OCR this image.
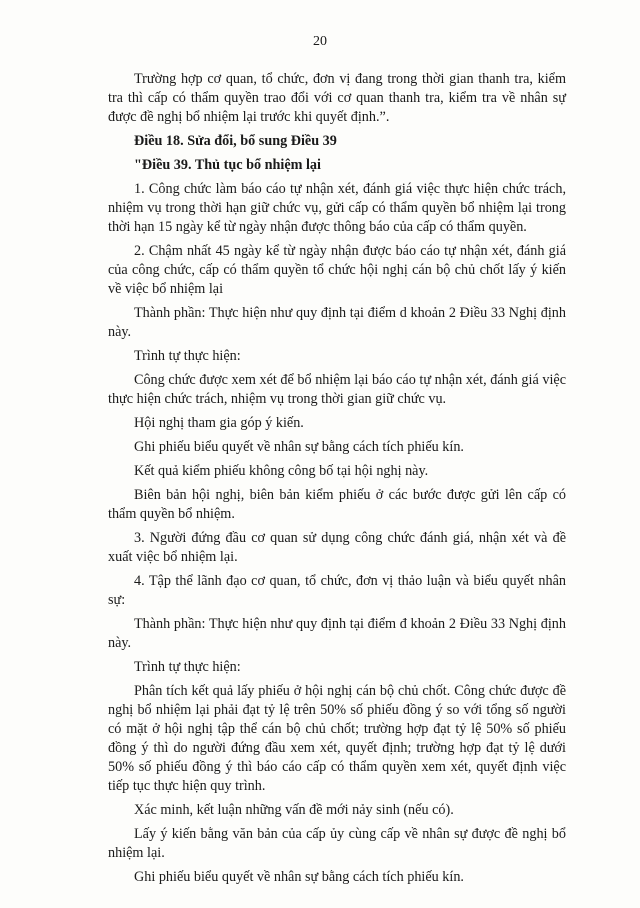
20

Trường hợp cơ quan, tổ chức, đơn vị đang trong thời gian thanh tra, kiểm tra thì cấp có thẩm quyền trao đổi với cơ quan thanh tra, kiểm tra về nhân sự được đề nghị bổ nhiệm lại trước khi quyết định.”.

Điều 18. Sửa đổi, bổ sung Điều 39

"Điều 39. Thủ tục bổ nhiệm lại

1. Công chức làm báo cáo tự nhận xét, đánh giá việc thực hiện chức trách, nhiệm vụ trong thời hạn giữ chức vụ, gửi cấp có thẩm quyền bổ nhiệm lại trong thời hạn 15 ngày kể từ ngày nhận được thông báo của cấp có thẩm quyền.

2. Chậm nhất 45 ngày kể từ ngày nhận được báo cáo tự nhận xét, đánh giá của công chức, cấp có thẩm quyền tổ chức hội nghị cán bộ chủ chốt lấy ý kiến về việc bổ nhiệm lại

Thành phần: Thực hiện như quy định tại điểm d khoản 2 Điều 33 Nghị định này.

Trình tự thực hiện:

Công chức được xem xét để bổ nhiệm lại báo cáo tự nhận xét, đánh giá việc thực hiện chức trách, nhiệm vụ trong thời gian giữ chức vụ.

Hội nghị tham gia góp ý kiến.

Ghi phiếu biểu quyết về nhân sự bằng cách tích phiếu kín.

Kết quả kiểm phiếu không công bố tại hội nghị này.

Biên bản hội nghị, biên bản kiểm phiếu ở các bước được gửi lên cấp có thẩm quyền bổ nhiệm.

3. Người đứng đầu cơ quan sử dụng công chức đánh giá, nhận xét và đề xuất việc bổ nhiệm lại.

4. Tập thể lãnh đạo cơ quan, tổ chức, đơn vị thảo luận và biểu quyết nhân sự:

Thành phần: Thực hiện như quy định tại điểm đ khoản 2 Điều 33 Nghị định này.

Trình tự thực hiện:

Phân tích kết quả lấy phiếu ở hội nghị cán bộ chủ chốt. Công chức được đề nghị bổ nhiệm lại phải đạt tỷ lệ trên 50% số phiếu đồng ý so với tổng số người có mặt ở hội nghị tập thể cán bộ chủ chốt; trường hợp đạt tỷ lệ 50% số phiếu đồng ý thì do người đứng đầu xem xét, quyết định; trường hợp đạt tỷ lệ dưới 50% số phiếu đồng ý thì báo cáo cấp có thẩm quyền xem xét, quyết định việc tiếp tục thực hiện quy trình.

Xác minh, kết luận những vấn đề mới nảy sinh (nếu có).

Lấy ý kiến bằng văn bản của cấp ủy cùng cấp về nhân sự được đề nghị bổ nhiệm lại.

Ghi phiếu biểu quyết về nhân sự bằng cách tích phiếu kín.
